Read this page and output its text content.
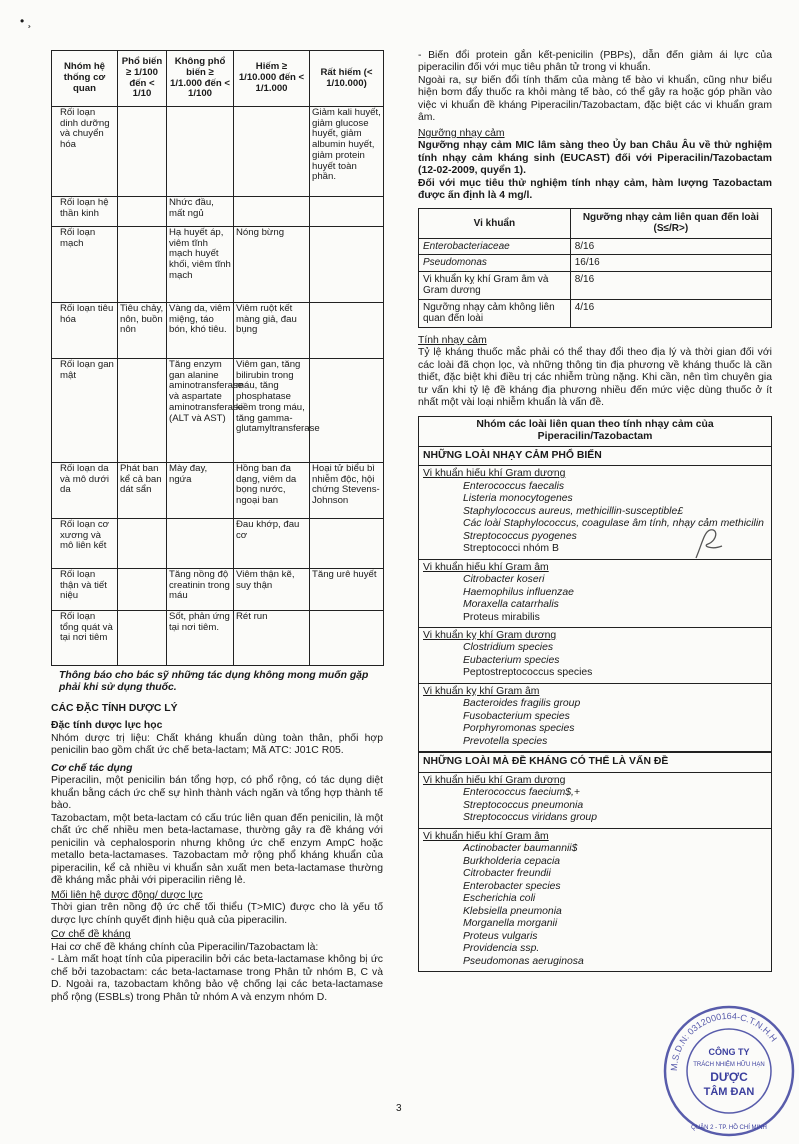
• ¸
Nhóm hệ thống cơ quan	Phổ biến ≥ 1/100 đến < 1/10	Không phổ biến ≥ 1/1.000 đến < 1/100	Hiếm ≥ 1/10.000 đến < 1/1.000	Rất hiếm (< 1/10.000)
Rối loạn dinh dưỡng và chuyển hóa				Giảm kali huyết, giảm glucose huyết, giảm albumin huyết, giảm protein huyết toàn phần.
Rối loạn hệ thần kinh		Nhức đầu, mất ngủ		
Rối loạn mạch		Hạ huyết áp, viêm tĩnh mạch huyết khối, viêm tĩnh mạch	Nóng bừng	
Rối loạn tiêu hóa	Tiêu chảy, nôn, buồn nôn	Vàng da, viêm miệng, táo bón, khó tiêu.	Viêm ruột kết màng giả, đau bụng	
Rối loạn gan mật		Tăng enzym gan alanine aminotransferase và aspartate aminotransferase (ALT và AST)	Viêm gan, tăng bilirubin trong máu, tăng phosphatase kiềm trong máu, tăng gamma-glutamyltransferase	
Rối loạn da và mô dưới da	Phát ban kể cả ban dát sẩn	Mày đay, ngứa	Hồng ban đa dạng, viêm da bọng nước, ngoại ban	Hoại tử biểu bì nhiễm độc, hội chứng Stevens-Johnson
Rối loạn cơ xương và mô liên kết			Đau khớp, đau cơ	
Rối loạn thận và tiết niệu		Tăng nồng độ creatinin trong máu	Viêm thận kẽ, suy thận	Tăng urê huyết
Rối loạn tổng quát và tại nơi tiêm		Sốt, phản ứng tại nơi tiêm.	Rét run	

Thông báo cho bác sỹ những tác dụng không mong muốn gặp phải khi sử dụng thuốc.

CÁC ĐẶC TÍNH DƯỢC LÝ

Đặc tính dược lực học

Nhóm dược trị liệu: Chất kháng khuẩn dùng toàn thân, phối hợp penicilin bao gồm chất ức chế beta-lactam; Mã ATC: J01C R05.

Cơ chế tác dụng

Piperacilin, một penicilin bán tổng hợp, có phổ rộng, có tác dụng diệt khuẩn bằng cách ức chế sự hình thành vách ngăn và tổng hợp thành tế bào.

Tazobactam, một beta-lactam có cấu trúc liên quan đến penicilin, là một chất ức chế nhiều men beta-lactamase, thường gây ra đề kháng với penicilin và cephalosporin nhưng không ức chế enzym AmpC hoặc metallo beta-lactamases. Tazobactam mở rộng phổ kháng khuẩn của piperacilin, kể cả nhiều vi khuẩn sản xuất men beta-lactamase thường đề kháng mắc phải với piperacilin riêng lẻ.

Mối liên hệ dược động/ dược lực

Thời gian trên nồng độ ức chế tối thiểu (T>MIC) được cho là yếu tố dược lực chính quyết định hiệu quả của piperacilin.

Cơ chế đề kháng

Hai cơ chế đề kháng chính của Piperacilin/Tazobactam là:

- Làm mất hoạt tính của piperacilin bởi các beta-lactamase không bị ức chế bởi tazobactam: các beta-lactamase trong Phân tử nhóm B, C và D. Ngoài ra, tazobactam không bảo vệ chống lại các beta-lactamase phổ rộng (ESBLs) trong Phân tử nhóm A và enzym nhóm D.

- Biến đổi protein gắn kết-penicilin (PBPs), dẫn đến giảm ái lực của piperacilin đối với mục tiêu phân tử trong vi khuẩn.

Ngoài ra, sự biến đổi tính thấm của màng tế bào vi khuẩn, cũng như biểu hiện bơm đẩy thuốc ra khỏi màng tế bào, có thể gây ra hoặc góp phần vào việc vi khuẩn đề kháng Piperacilin/Tazobactam, đặc biệt các vi khuẩn gram âm.

Ngưỡng nhạy cảm

Ngưỡng nhạy cảm MIC lâm sàng theo Ủy ban Châu Âu về thử nghiệm tính nhạy cảm kháng sinh (EUCAST) đối với Piperacilin/Tazobactam (12-02-2009, quyển 1).

Đối với mục tiêu thử nghiệm tính nhạy cảm, hàm lượng Tazobactam được ấn định là 4 mg/l.

Vi khuẩn	Ngưỡng nhạy cảm liên quan đến loài (S≤/R>)
Enterobacteriaceae	8/16
Pseudomonas	16/16
Vi khuẩn kỵ khí Gram âm và Gram dương	8/16
Ngưỡng nhạy cảm không liên quan đến loài	4/16

Tính nhạy cảm

Tỷ lệ kháng thuốc mắc phải có thể thay đổi theo địa lý và thời gian đối với các loài đã chọn lọc, và những thông tin địa phương về kháng thuốc là cần thiết, đặc biệt khi điều trị các nhiễm trùng nặng. Khi cần, nên tìm chuyên gia tư vấn khi tỷ lệ đề kháng địa phương nhiều đến mức việc dùng thuốc ở ít nhất một vài loại nhiễm khuẩn là vấn đề.

Nhóm các loài liên quan theo tính nhạy cảm của Piperacilin/Tazobactam
NHỮNG LOÀI NHẠY CẢM PHỔ BIẾN
Vi khuẩn hiếu khí Gram dương
Enterococcus faecalis
Listeria monocytogenes
Staphylococcus aureus, methicillin-susceptible£
Các loài Staphylococcus, coagulase âm tính, nhạy cảm methicilin
Streptococcus pyogenes
Streptococci nhóm B
Vi khuẩn hiếu khí Gram âm
Citrobacter koseri
Haemophilus influenzae
Moraxella catarrhalis
Proteus mirabilis
Vi khuẩn kỵ khí Gram dương
Clostridium species
Eubacterium species
Peptostreptococcus species
Vi khuẩn kỵ khí Gram âm
Bacteroides fragilis group
Fusobacterium species
Porphyromonas species
Prevotella species
NHỮNG LOÀI MÀ ĐỀ KHÁNG CÓ THỂ LÀ VẤN ĐỀ
Vi khuẩn hiếu khí Gram dương
Enterococcus faecium$,+
Streptococcus pneumonia
Streptococcus viridans group
Vi khuẩn hiếu khí Gram âm
Actinobacter baumannii$
Burkholderia cepacia
Citrobacter freundii
Enterobacter species
Escherichia coli
Klebsiella pneumonia
Morganella morganii
Proteus vulgaris
Providencia ssp.
Pseudomonas aeruginosa
3
M.S.D.N: 0312000164-C.T.N.H.H
CÔNG TY
TRÁCH NHIỆM HỮU HẠN
DƯỢC
TÂM ĐAN
QUẬN 2 - TP. HỒ CHÍ MINH
